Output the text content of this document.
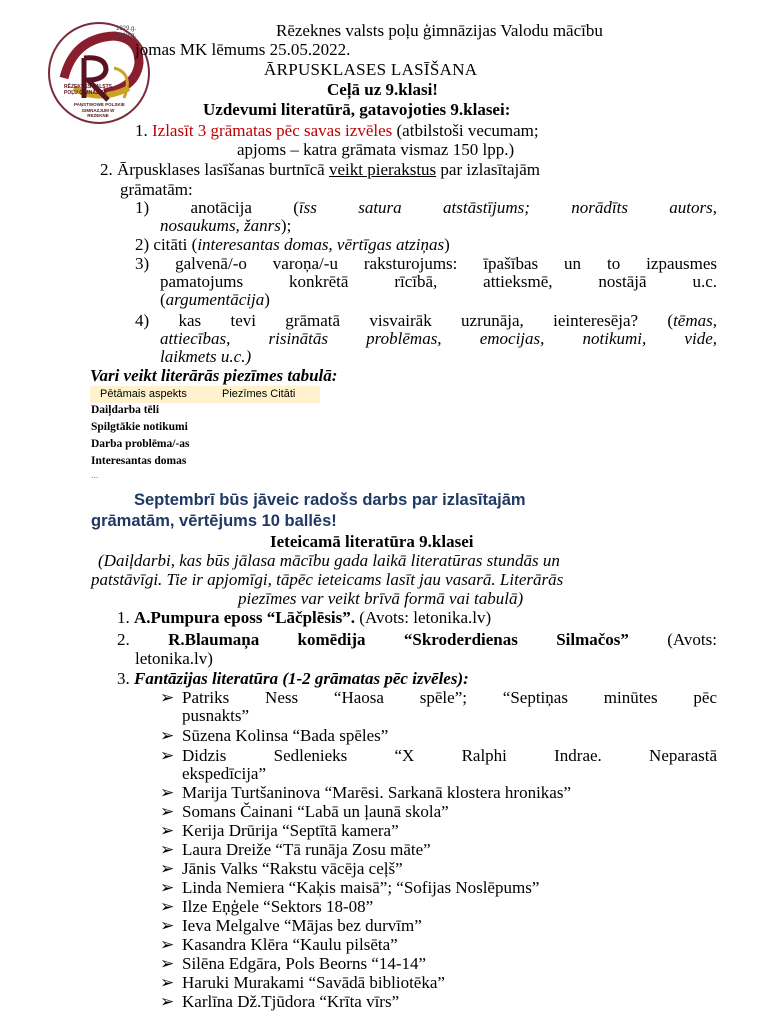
1929.g.
2010.g.
RĒZEKNES VALSTS
POĻU ĢIMNĀZIJA
PAŅSTWOWE POLSKIE
GIMNAZJUM W
REZEKNE
Rēzeknes valsts poļu ģimnāzijas Valodu mācību
jomas MK lēmums 25.05.2022.
ĀRPUSKLASES LASĪŠANA
Ceļā uz 9.klasi!
Uzdevumi literatūrā, gatavojoties 9.klasei:
1. Izlasīt 3 grāmatas pēc savas izvēles (atbilstoši vecumam;
apjoms – katra grāmata vismaz 150 lpp.)
2. Ārpusklases lasīšanas burtnīcā veikt pierakstus par izlasītajām
grāmatām:
1) anotācija (īss satura atstāstījums; norādīts autors,
nosaukums, žanrs);
2) citāti (interesantas domas, vērtīgas atziņas)
3) galvenā/-o varoņa/-u raksturojums: īpašības un to izpausmes
pamatojums konkrētā rīcībā, attieksmē, nostājā u.c.
(argumentācija)
4) kas tevi grāmatā visvairāk uzrunāja, ieinteresēja? (tēmas,
attiecības, risinātās problēmas, emocijas, notikumi, vide,
laikmets u.c.)
Vari veikt literārās piezīmes tabulā:
Pētāmais aspekts	Piezīmes Citāti
Daiļdarba tēli
Spilgtākie notikumi
Darba problēma/-as
Interesantas domas
...
Septembrī būs jāveic radošs darbs par izlasītajām
grāmatām, vērtējums 10 ballēs!
Ieteicamā literatūra 9.klasei
(Daiļdarbi, kas būs jālasa mācību gada laikā literatūras stundās un
patstāvīgi. Tie ir apjomīgi, tāpēc ieteicams lasīt jau vasarā. Literārās
piezīmes var veikt brīvā formā vai tabulā)
1. A.Pumpura eposs “Lāčplēsis”. (Avots: letonika.lv)
2. R.Blaumaņa komēdija “Skroderdienas Silmačos” (Avots:
letonika.lv)
3. Fantāzijas literatūra (1-2 grāmatas pēc izvēles):
➢ Patriks Ness “Haosa spēle”; “Septiņas minūtes pēc
pusnakts”
➢ Sūzena Kolinsa “Bada spēles”
➢ Didzis Sedlenieks “X Ralphi Indrae. Neparastā
ekspedīcija”
➢ Marija Turtšaninova “Marēsi. Sarkanā klostera hronikas”
➢ Somans Čainani “Labā un ļaunā skola”
➢ Kerija Drūrija “Septītā kamera”
➢ Laura Dreiže “Tā runāja Zosu māte”
➢ Jānis Valks “Rakstu vācēja ceļš”
➢ Linda Nemiera “Kaķis maisā”; “Sofijas Noslēpums”
➢ Ilze Eņģele “Sektors 18-08”
➢ Ieva Melgalve “Mājas bez durvīm”
➢ Kasandra Klēra “Kaulu pilsēta”
➢ Silēna Edgāra, Pols Beorns “14-14”
➢ Haruki Murakami “Savādā bibliotēka”
➢ Karlīna Dž.Tjūdora “Krīta vīrs”
